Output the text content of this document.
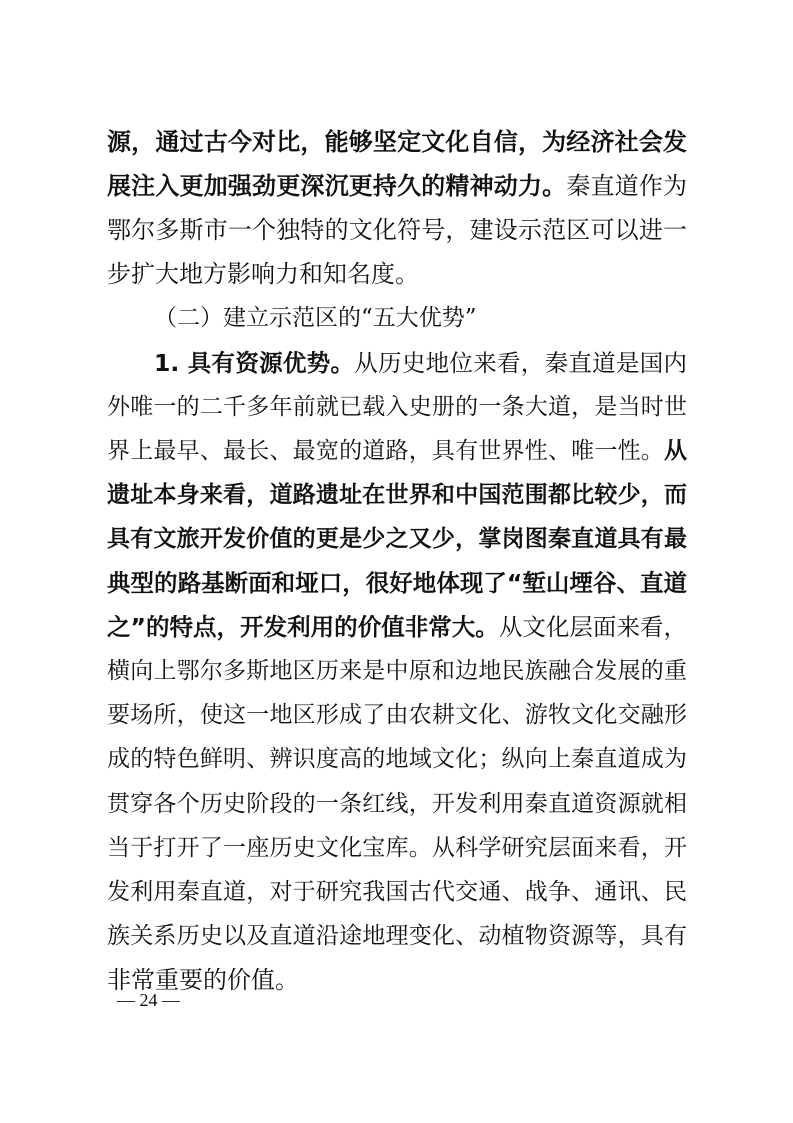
源，通过古今对比，能够坚定文化自信，为经济社会发
展注入更加强劲更深沉更持久的精神动力。秦直道作为
鄂尔多斯市一个独特的文化符号，建设示范区可以进一
步扩大地方影响力和知名度。
（二）建立示范区的“五大优势”
1. 具有资源优势。从历史地位来看，秦直道是国内
外唯一的二千多年前就已载入史册的一条大道，是当时世
界上最早、最长、最宽的道路，具有世界性、唯一性。从
遗址本身来看，道路遗址在世界和中国范围都比较少，而
具有文旅开发价值的更是少之又少，掌岗图秦直道具有最
典型的路基断面和垭口，很好地体现了“堑山堙谷、直道
之”的特点，开发利用的价值非常大。从文化层面来看，
横向上鄂尔多斯地区历来是中原和边地民族融合发展的重
要场所，使这一地区形成了由农耕文化、游牧文化交融形
成的特色鲜明、辨识度高的地域文化；纵向上秦直道成为
贯穿各个历史阶段的一条红线，开发利用秦直道资源就相
当于打开了一座历史文化宝库。从科学研究层面来看，开
发利用秦直道，对于研究我国古代交通、战争、通讯、民
族关系历史以及直道沿途地理变化、动植物资源等，具有
非常重要的价值。
— 24 —
